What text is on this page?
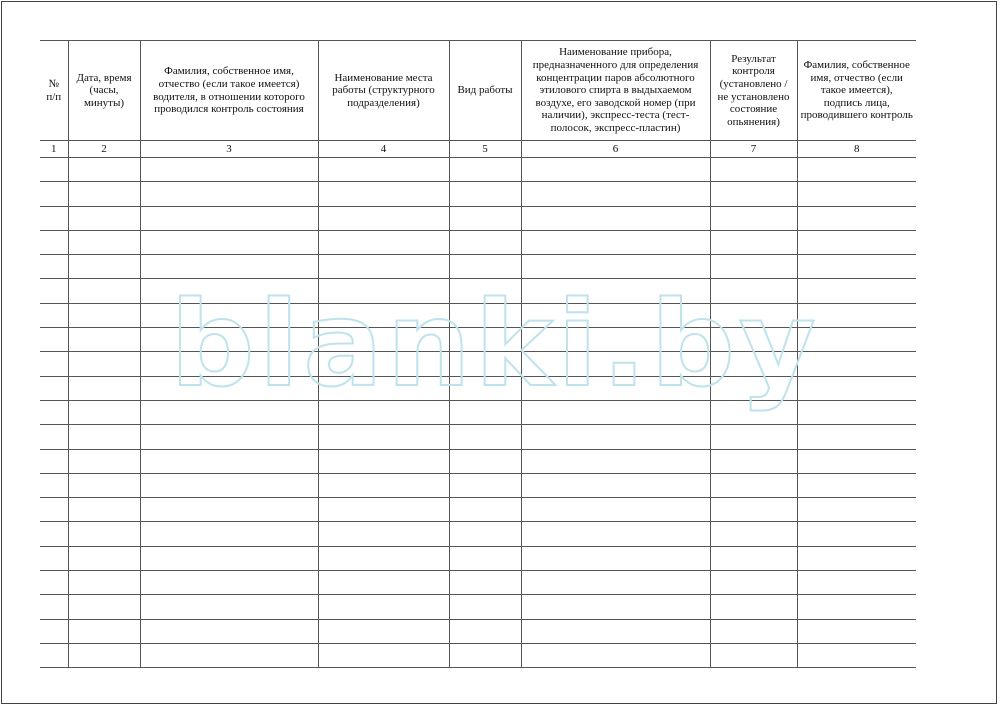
№ п/п	Дата, время (часы, минуты)	Фамилия, собственное имя, отчество (если такое имеется) водителя, в отношении которого проводился контроль состояния	Наименование места работы (структурного подразделения)	Вид работы	Наименование прибора, предназначенного для определения концентрации паров абсолютного этилового спирта в выдыхаемом воздухе, его заводской номер (при наличии), экспресс-теста (тест-полосок, экспресс-пластин)	Результат контроля (установлено / не установлено состояние опьянения)	Фамилия, собственное имя, отчество (если такое имеется), подпись лица, проводившего контроль
1	2	3	4	5	6	7	8

blanki.by
